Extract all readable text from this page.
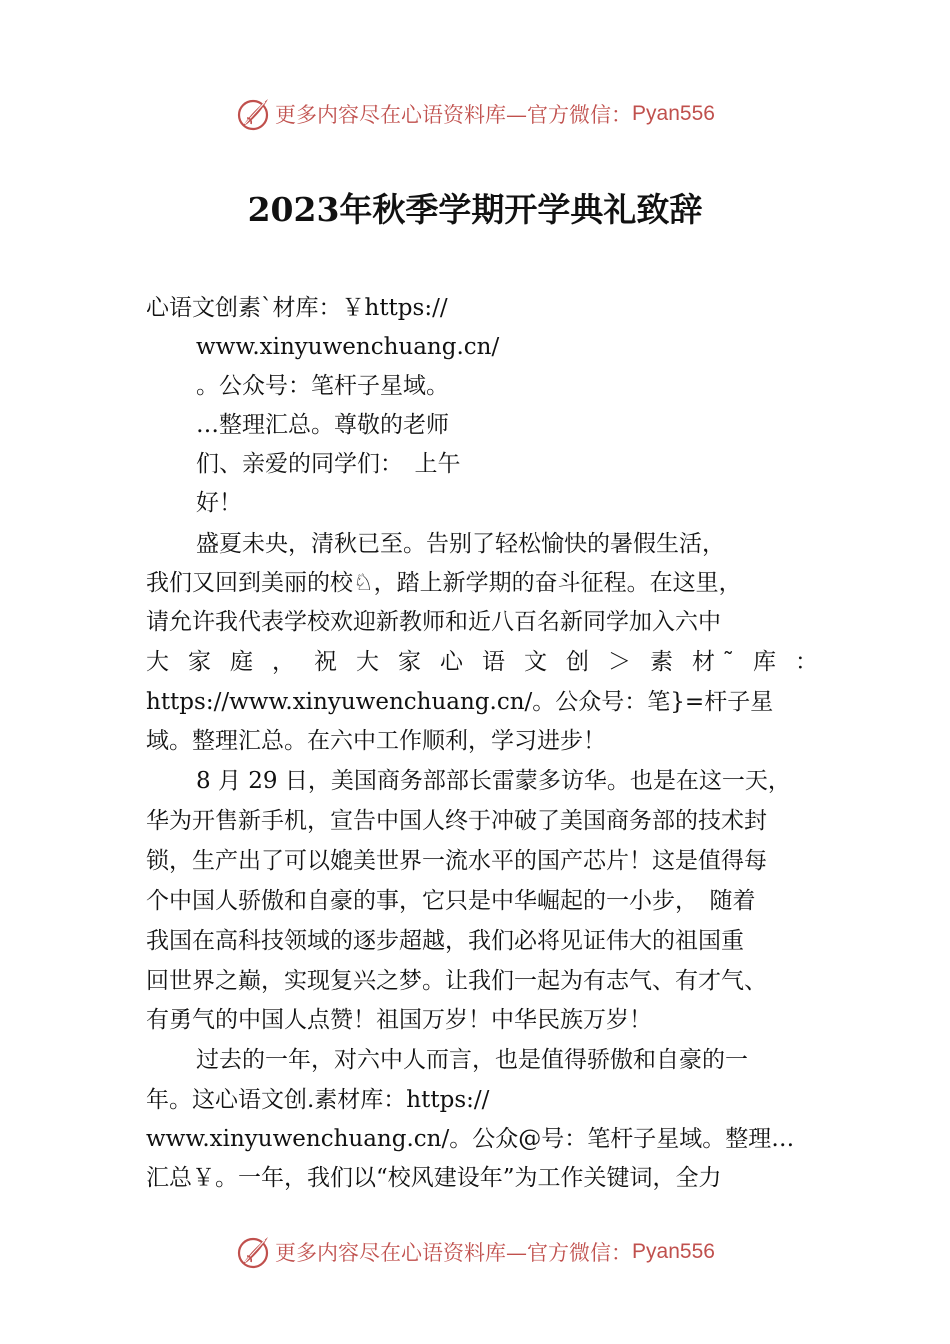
更多内容尽在心语资料库—官方微信： Pyan556
2023年秋季学期开学典礼致辞
心语文创素`材库：￥https://
www.xinyuwenchuang.cn/
。公众号：笔杆子星域。
…整理汇总。尊敬的老师
们、亲爱的同学们：　上午
好！
盛夏未央，清秋已至。告别了轻松愉快的暑假生活，
我们又回到美丽的校♘，踏上新学期的奋斗征程。在这里，
请允许我代表学校欢迎新教师和近八百名新同学加入六中
大 家 庭 ， 祝 大 家 心 语 文 创 ＞ 素 材 库 ：
https://www.xinyuwenchuang.cn/。公众号：笔}=杆子星
域。整理汇总。在六中工作顺利，学习进步！
8 月 29 日，美国商务部部长雷蒙多访华。也是在这一天，
华为开售新手机，宣告中国人终于冲破了美国商务部的技术封
锁，生产出了可以媲美世界一流水平的国产芯片！这是值得每
个中国人骄傲和自豪的事，它只是中华崛起的一小步，　随着
我国在高科技领域的逐步超越，我们必将见证伟大的祖国重
回世界之巅，实现复兴之梦。让我们一起为有志气、有才气、
有勇气的中国人点赞！祖国万岁！中华民族万岁！
过去的一年，对六中人而言，也是值得骄傲和自豪的一
年。这心语文创.素材库：https://
www.xinyuwenchuang.cn/。公众@号：笔杆子星域。整理…
汇总￥。一年，我们以“校风建设年”为工作关键词，全力
更多内容尽在心语资料库—官方微信： Pyan556
